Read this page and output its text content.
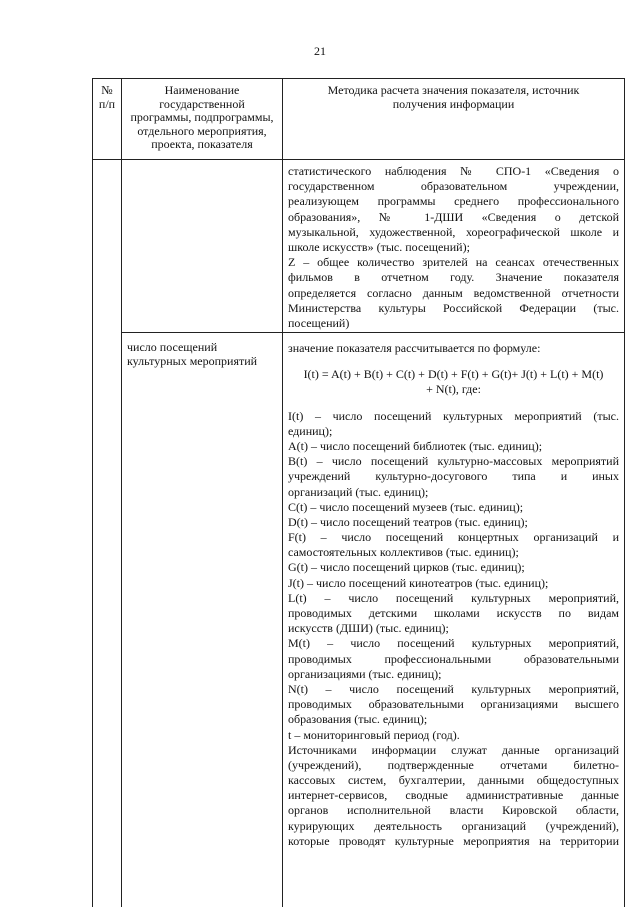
21
№
п/п
Наименование
государственной
программы, подпрограммы,
отдельного мероприятия,
проекта, показателя
Методика расчета значения показателя, источник
получения информации
статистического наблюдения № СПО-1 «Сведения о
государственном образовательном учреждении,
реализующем программы среднего профессионального
образования», № 1-ДШИ «Сведения о детской
музыкальной, художественной, хореографической школе и
школе искусств» (тыс. посещений);
Z – общее количество зрителей на сеансах отечественных
фильмов в отчетном году. Значение показателя
определяется согласно данным ведомственной отчетности
Министерства культуры Российской Федерации (тыс.
посещений)
число посещений
культурных мероприятий
значение показателя рассчитывается по формуле:
I(t) = A(t) + B(t) + C(t) + D(t) + F(t) + G(t)+ J(t) + L(t) + M(t)
+ N(t), где:
I(t) – число посещений культурных мероприятий (тыс.
единиц);
A(t) – число посещений библиотек (тыс. единиц);
B(t) – число посещений культурно-массовых мероприятий
учреждений культурно-досугового типа и иных
организаций (тыс. единиц);
C(t) – число посещений музеев (тыс. единиц);
D(t) – число посещений театров (тыс. единиц);
F(t) – число посещений концертных организаций и
самостоятельных коллективов (тыс. единиц);
G(t) – число посещений цирков (тыс. единиц);
J(t) – число посещений кинотеатров (тыс. единиц);
L(t) – число посещений культурных мероприятий,
проводимых детскими школами искусств по видам
искусств (ДШИ) (тыс. единиц);
M(t) – число посещений культурных мероприятий,
проводимых профессиональными образовательными
организациями (тыс. единиц);
N(t) – число посещений культурных мероприятий,
проводимых образовательными организациями высшего
образования (тыс. единиц);
t – мониторинговый период (год).
Источниками информации служат данные организаций
(учреждений), подтвержденные отчетами билетно-
кассовых систем, бухгалтерии, данными общедоступных
интернет-сервисов, сводные административные данные
органов исполнительной власти Кировской области,
курирующих деятельность организаций (учреждений),
которые проводят культурные мероприятия на территории
